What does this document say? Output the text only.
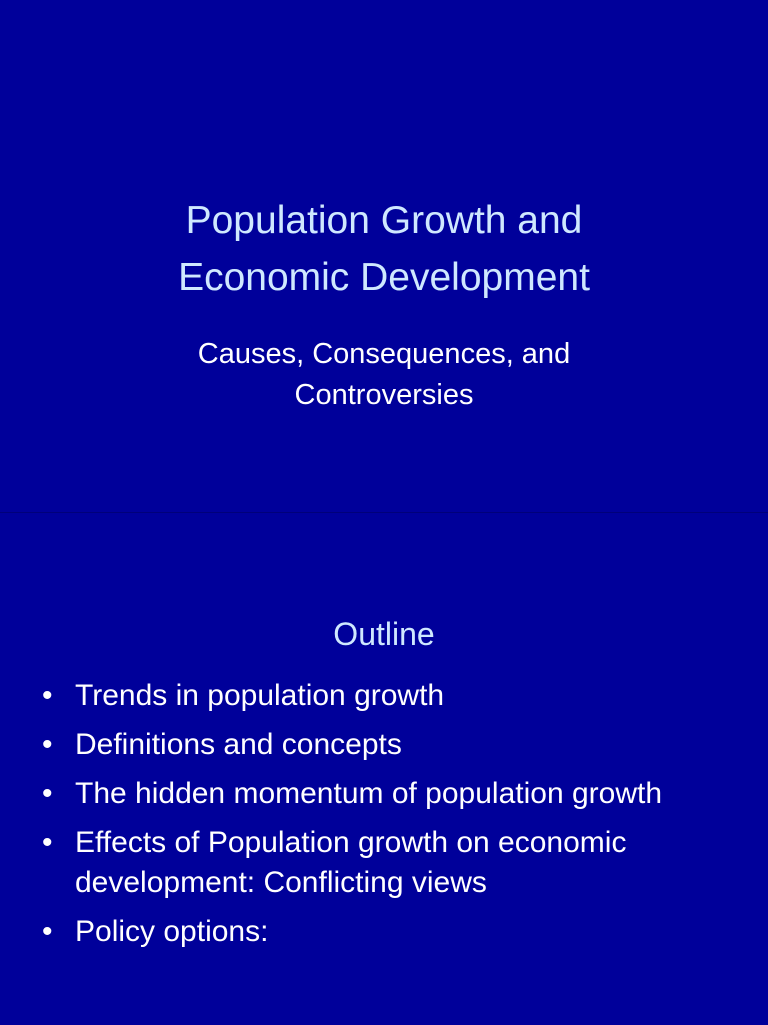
Population Growth and
Economic Development

Causes, Consequences, and
Controversies

Outline
• Trends in population growth
• Definitions and concepts
• The hidden momentum of population growth
• Effects of Population growth on economic development: Conflicting views
• Policy options:
